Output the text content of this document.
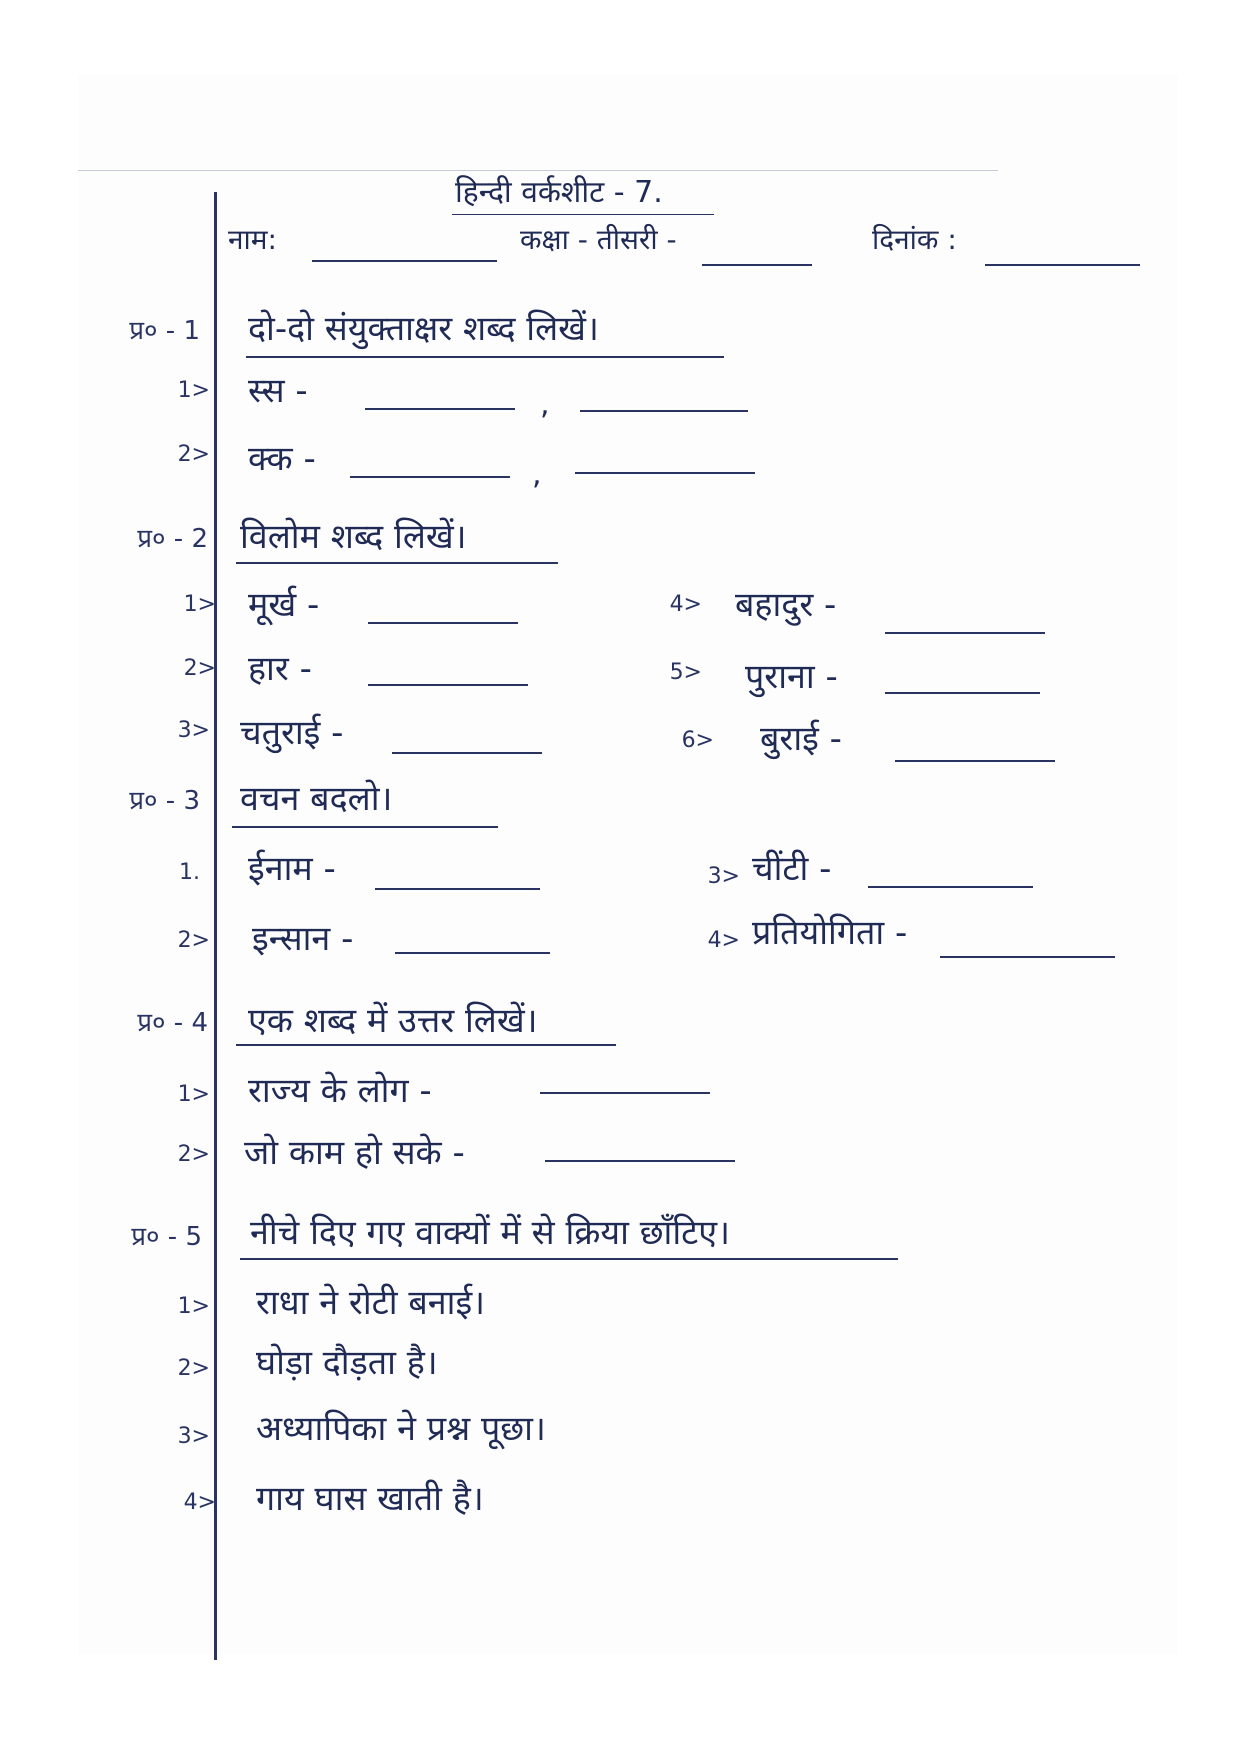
हिन्दी वर्कशीट - 7.
नाम:	कक्षा - तीसरी -	दिनांक :
प्र० - 1 दो-दो संयुक्ताक्षर शब्द लिखें।
1> स्स -	,
2> क्क -	,
प्र० - 2 विलोम शब्द लिखें।
1> मूर्ख -	4> बहादुर -
2> हार -	5> पुराना -
3> चतुराई -	6> बुराई -
प्र० - 3 वचन बदलो।
1. ईनाम -	3> चींटी -
2> इन्सान -	4> प्रतियोगिता -
प्र० - 4 एक शब्द में उत्तर लिखें।
1> राज्य के लोग -
2> जो काम हो सके -
प्र० - 5 नीचे दिए गए वाक्यों में से क्रिया छाँटिए।
1> राधा ने रोटी बनाई।
2> घोड़ा दौड़ता है।
3> अध्यापिका ने प्रश्न पूछा।
4> गाय घास खाती है।
